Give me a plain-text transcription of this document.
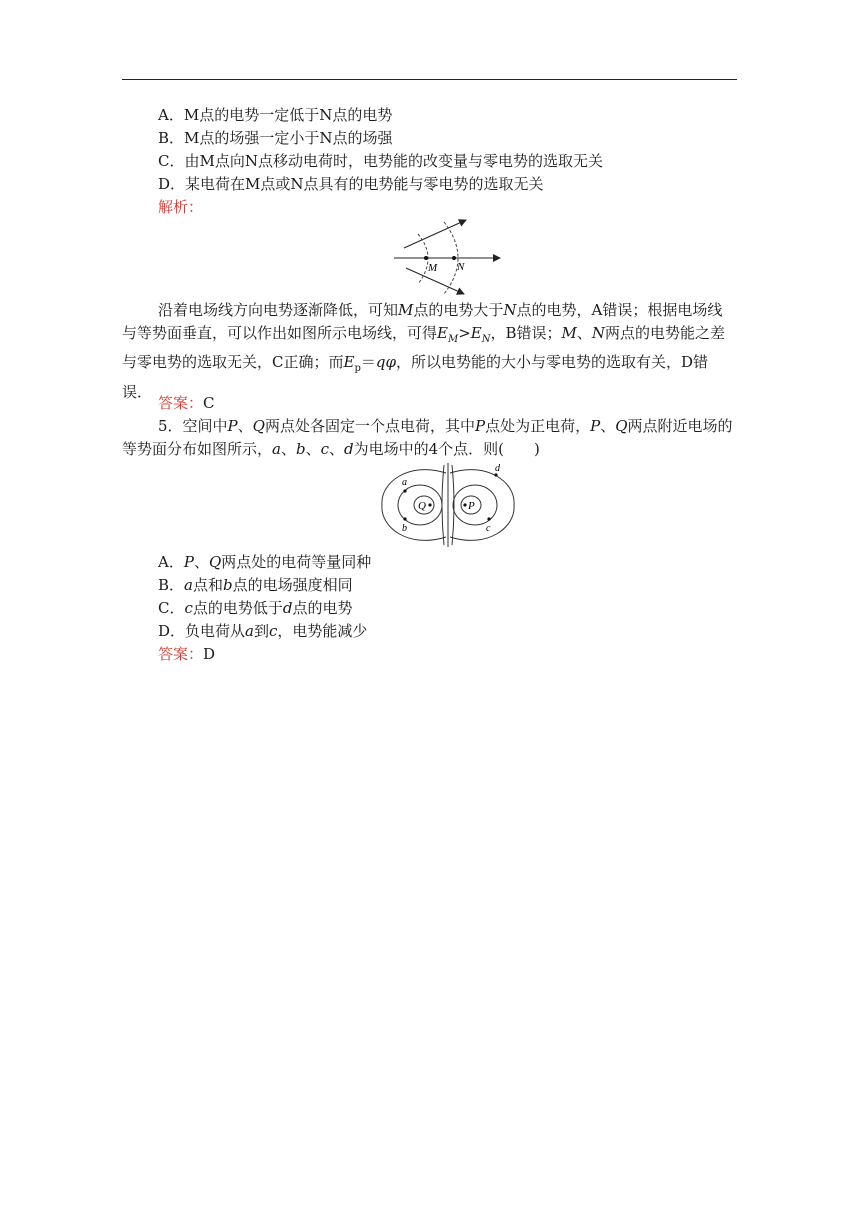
A．M点的电势一定低于N点的电势
B．M点的场强一定小于N点的场强
C．由M点向N点移动电荷时，电势能的改变量与零电势的选取无关
D．某电荷在M点或N点具有的电势能与零电势的选取无关
解析：
M N
沿着电场线方向电势逐渐降低，可知M点的电势大于N点的电势，A错误；根据电场线与等势面垂直，可以作出如图所示电场线，可得$E_M>E_N$，B错误；M、N两点的电势能之差与零电势的选取无关，C正确；而$E_p=q\varphi$，所以电势能的大小与零电势的选取有关，D错误．
答案：C
5．空间中P、Q两点处各固定一个点电荷，其中P点处为正电荷，P、Q两点附近电场的等势面分布如图所示，a、b、c、d为电场中的4个点．则(　　)
Q	P
a
b	c
d
A．P、Q两点处的电荷等量同种
B．a点和b点的电场强度相同
C．c点的电势低于d点的电势
D．负电荷从a到c，电势能减少
答案：D
